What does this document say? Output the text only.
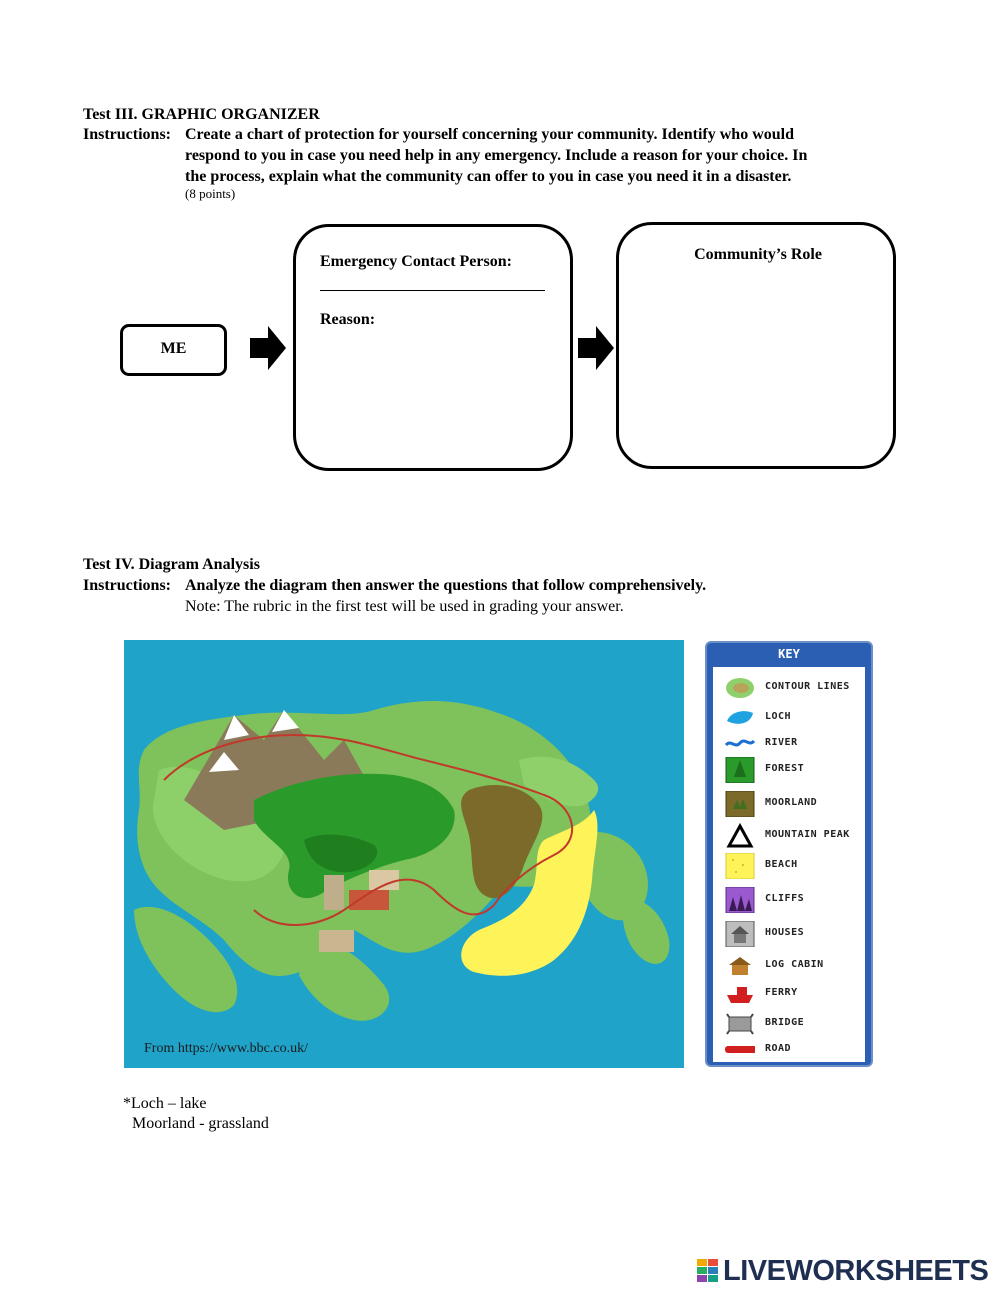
Test III. GRAPHIC ORGANIZER
Instructions: Create a chart of protection for yourself concerning your community. Identify who would
respond to you in case you need help in any emergency. Include a reason for your choice. In
the process, explain what the community can offer to you in case you need it in a disaster.
(8 points)
ME
Emergency Contact Person:
Reason:
Community’s Role
Test IV. Diagram Analysis
Instructions: Analyze the diagram then answer the questions that follow comprehensively.
Note: The rubric in the first test will be used in grading your answer.
From https://www.bbc.co.uk/
KEY
CONTOUR LINES
LOCH
RIVER
FOREST
MOORLAND
MOUNTAIN PEAK
BEACH
CLIFFS
HOUSES
LOG CABIN
FERRY
BRIDGE
ROAD
*Loch – lake
Moorland - grassland
LIVEWORKSHEETS
